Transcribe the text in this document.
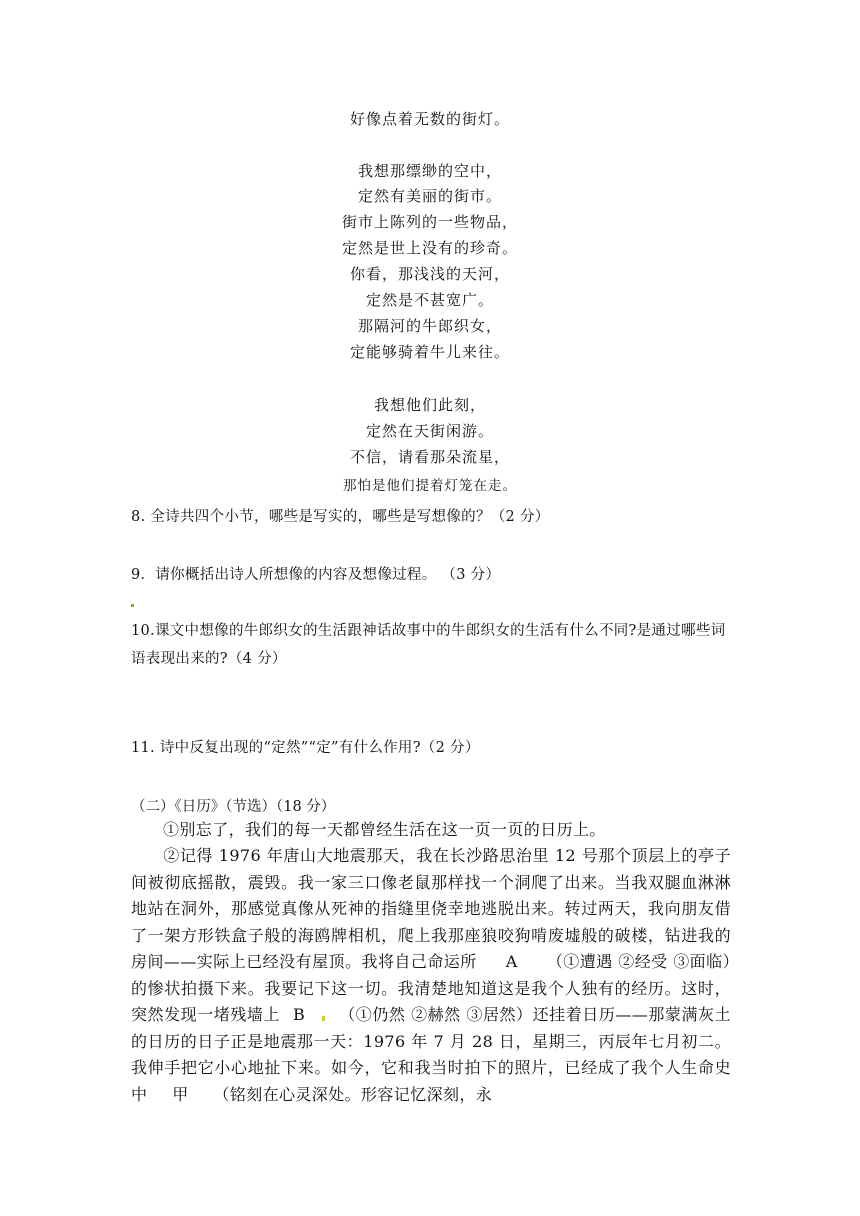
好像点着无数的街灯。
我想那缥缈的空中，
定然有美丽的街市。
街市上陈列的一些物品，
定然是世上没有的珍奇。
你看，那浅浅的天河，
定然是不甚宽广。
那隔河的牛郎织女，
定能够骑着牛儿来往。
我想他们此刻，
定然在天街闲游。
不信，请看那朵流星，
那怕是他们提着灯笼在走。
8. 全诗共四个小节，哪些是写实的，哪些是写想像的？（2 分）
9．请你概括出诗人所想像的内容及想像过程。 （3 分）
10.课文中想像的牛郎织女的生活跟神话故事中的牛郎织女的生活有什么不同?是通过哪些词语表现出来的?（4 分）
11. 诗中反复出现的“定然”“定”有什么作用?（2 分）
（二）《日历》（节选）（18 分）
①别忘了，我们的每一天都曾经生活在这一页一页的日历上。
②记得 1976 年唐山大地震那天，我在长沙路思治里 12 号那个顶层上的亭子间被彻底摇散，震毁。我一家三口像老鼠那样找一个洞爬了出来。当我双腿血淋淋地站在洞外，那感觉真像从死神的指缝里侥幸地逃脱出来。转过两天，我向朋友借了一架方形铁盒子般的海鸥牌相机，爬上我那座狼咬狗啃废墟般的破楼，钻进我的房间——实际上已经没有屋顶。我将自己命运所 A （①遭遇 ②经受 ③面临）的惨状拍摄下来。我要记下这一切。我清楚地知道这是我个人独有的经历。这时，突然发现一堵残墙上 B （①仍然 ②赫然 ③居然）还挂着日历——那蒙满灰土的日历的日子正是地震那一天：1976 年 7 月 28 日，星期三，丙辰年七月初二。我伸手把它小心地扯下来。如今，它和我当时拍下的照片，已经成了我个人生命史中 甲 （铭刻在心灵深处。形容记忆深刻，永
